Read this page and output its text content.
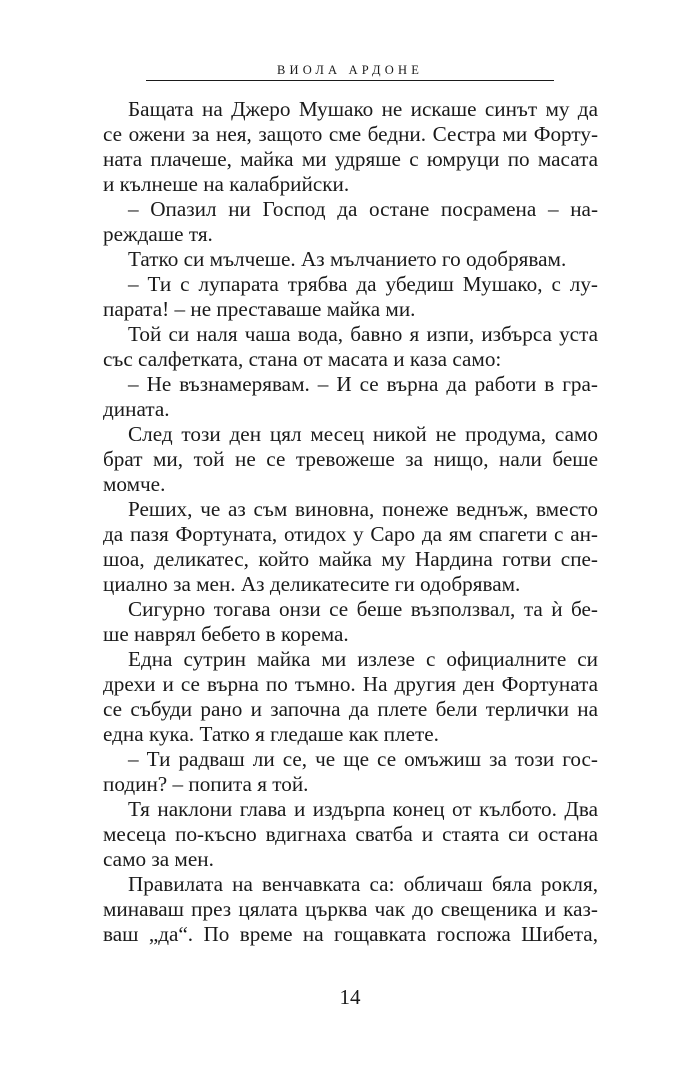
ВИОЛА АРДОНЕ
Бащата на Джеро Мушако не искаше синът му да
се ожени за нея, защото сме бедни. Сестра ми Форту-
ната плачеше, майка ми удряше с юмруци по масата
и кълнеше на калабрийски.
– Опазил ни Господ да остане посрамена – на-
реждаше тя.
Татко си мълчеше. Аз мълчанието го одобрявам.
– Ти с лупарата трябва да убедиш Мушако, с лу-
парата! – не преставаше майка ми.
Той си наля чаша вода, бавно я изпи, избърса уста
със салфетката, стана от масата и каза само:
– Не възнамерявам. – И се върна да работи в гра-
дината.
След този ден цял месец никой не продума, само
брат ми, той не се тревожеше за нищо, нали беше
момче.
Реших, че аз съм виновна, понеже веднъж, вместо
да пазя Фортуната, отидох у Саро да ям спагети с ан-
шоа, деликатес, който майка му Нардина готви спе-
циално за мен. Аз деликатесите ги одобрявам.
Сигурно тогава онзи се беше възползвал, та ѝ бе-
ше наврял бебето в корема.
Една сутрин майка ми излезе с официалните си
дрехи и се върна по тъмно. На другия ден Фортуната
се събуди рано и започна да плете бели терлички на
една кука. Татко я гледаше как плете.
– Ти радваш ли се, че ще се омъжиш за този гос-
подин? – попита я той.
Тя наклони глава и издърпа конец от кълбото. Два
месеца по-късно вдигнаха сватба и стаята си остана
само за мен.
Правилата на венчавката са: обличаш бяла рокля,
минаваш през цялата църква чак до свещеника и каз-
ваш „да“. По време на гощавката госпожа Шибета,
14
